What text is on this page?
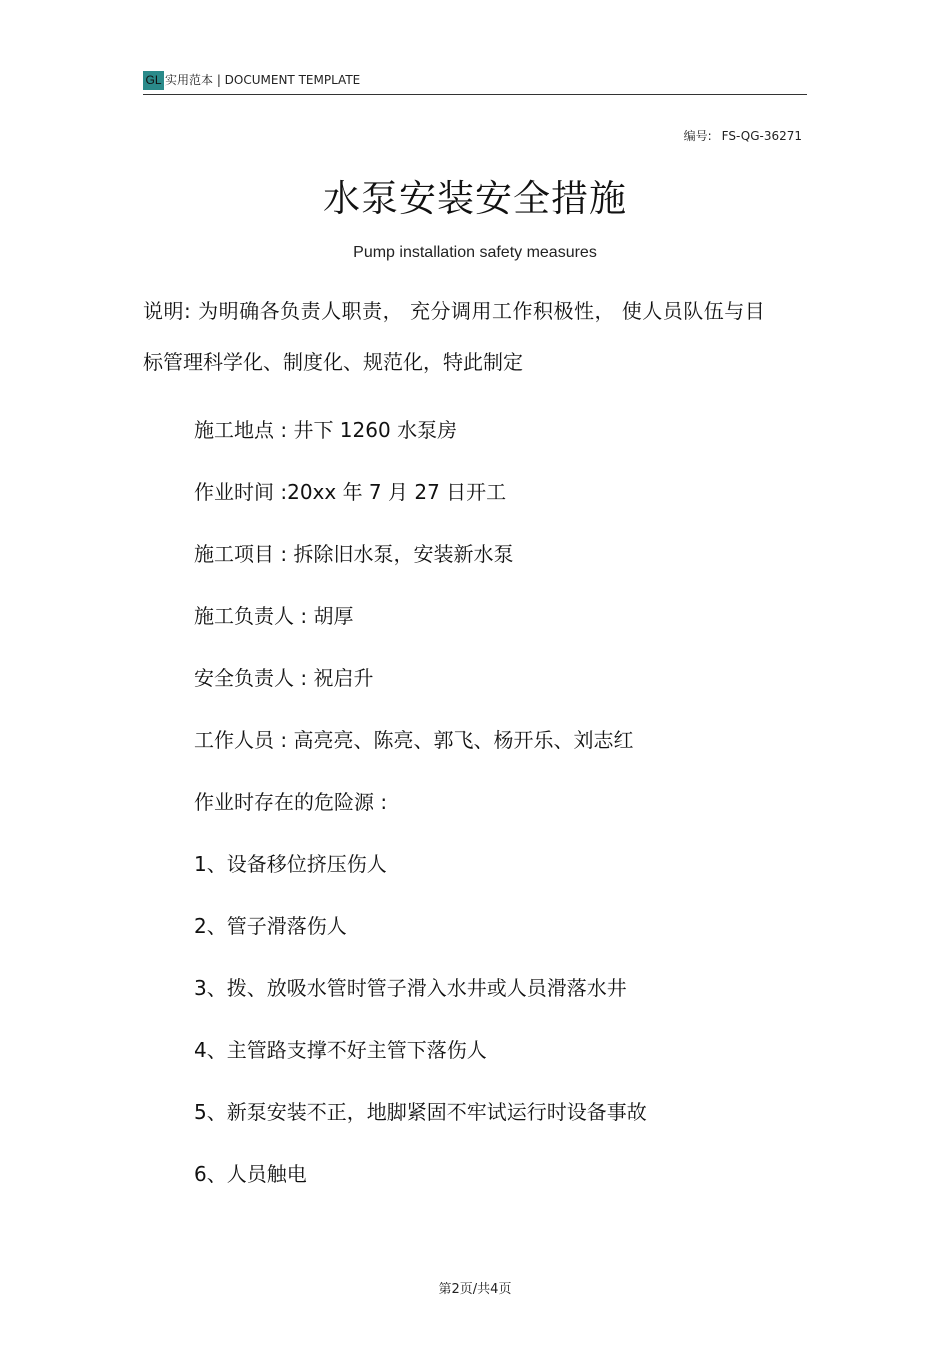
GL 实用范本 | DOCUMENT TEMPLATE
编号: FS-QG-36271
水泵安装安全措施
Pump installation safety measures
说明: 为明确各负责人职责， 充分调用工作积极性， 使人员队伍与目
标管理科学化、制度化、规范化，特此制定
施工地点 : 井下 1260 水泵房
作业时间 :20xx 年 7 月 27 日开工
施工项目 : 拆除旧水泵，安装新水泵
施工负责人 : 胡厚
安全负责人 : 祝启升
工作人员 : 高亮亮、陈亮、郭飞、杨开乐、刘志红
作业时存在的危险源 :
1、设备移位挤压伤人
2、管子滑落伤人
3、拨、放吸水管时管子滑入水井或人员滑落水井
4、主管路支撑不好主管下落伤人
5、新泵安装不正，地脚紧固不牢试运行时设备事故
6、人员触电
第2页/共4页
